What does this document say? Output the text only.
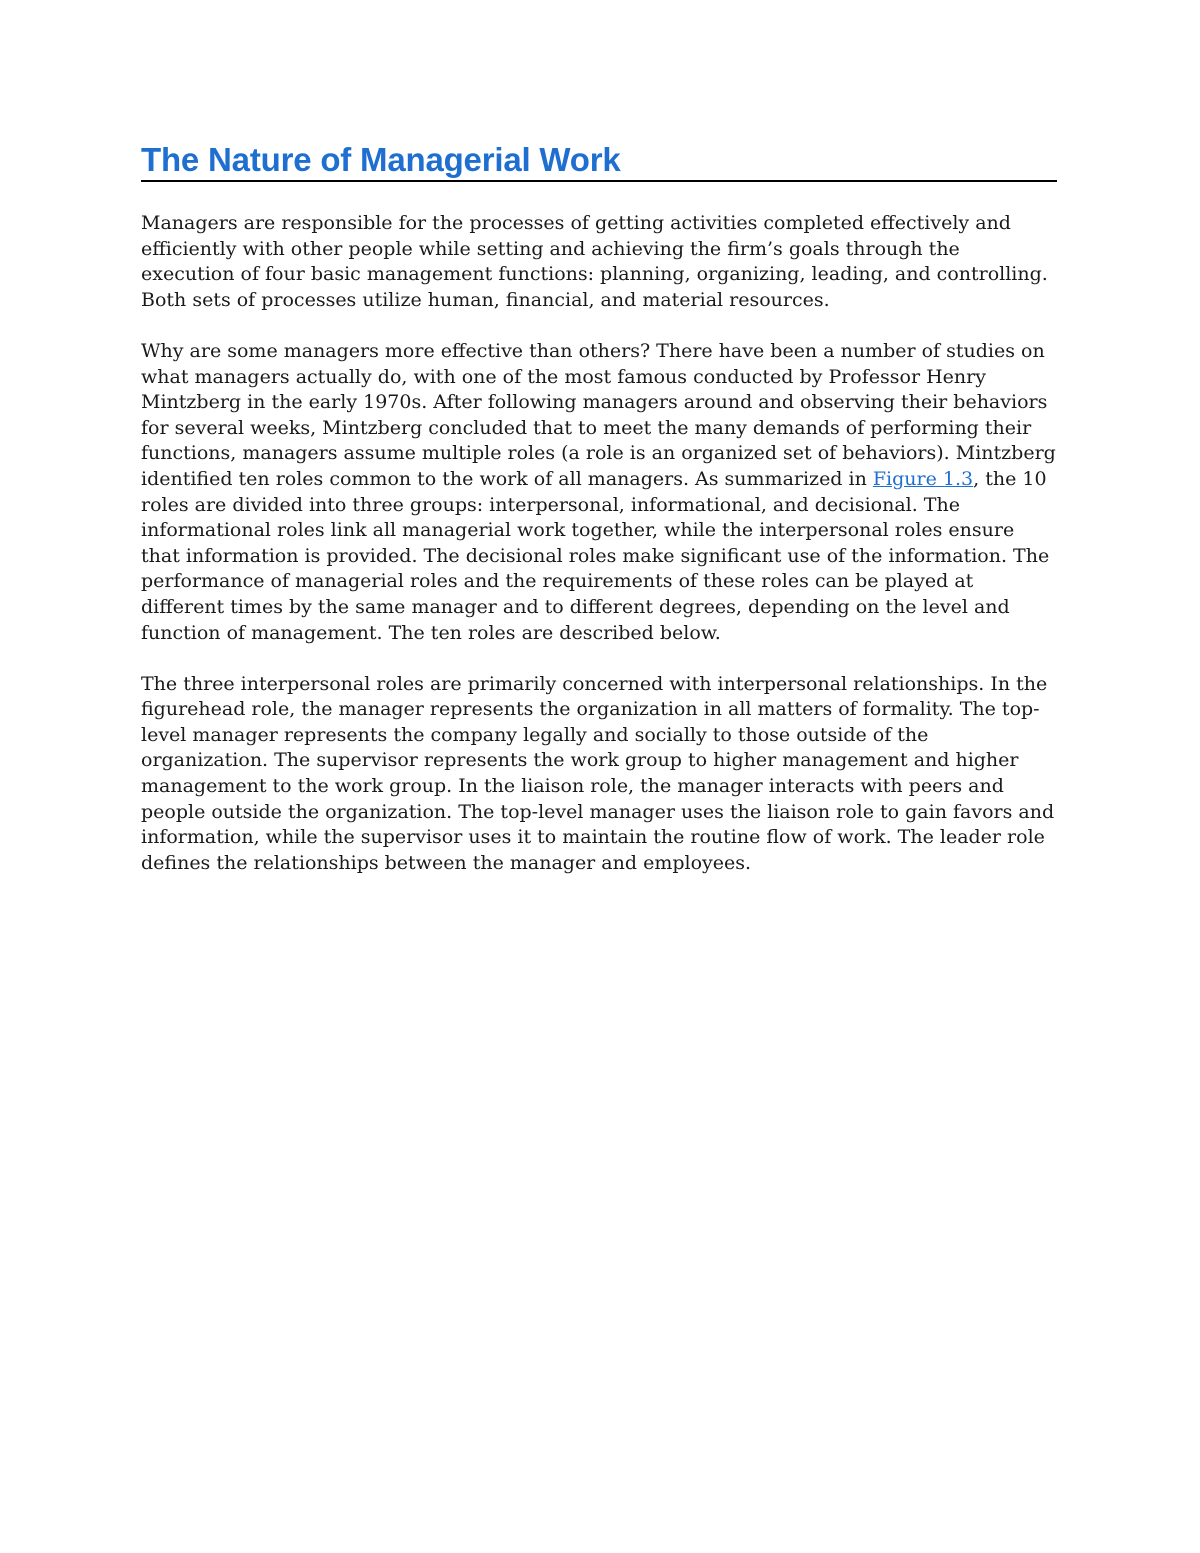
The Nature of Managerial Work

Managers are responsible for the processes of getting activities completed effectively and efficiently with other people while setting and achieving the firm’s goals through the execution of four basic management functions: planning, organizing, leading, and controlling. Both sets of processes utilize human, financial, and material resources.

Why are some managers more effective than others? There have been a number of studies on what managers actually do, with one of the most famous conducted by Professor Henry Mintzberg in the early 1970s. After following managers around and observing their behaviors for several weeks, Mintzberg concluded that to meet the many demands of performing their functions, managers assume multiple roles (a role is an organized set of behaviors). Mintzberg identified ten roles common to the work of all managers. As summarized in Figure 1.3, the 10 roles are divided into three groups: interpersonal, informational, and decisional. The informational roles link all managerial work together, while the interpersonal roles ensure that information is provided. The decisional roles make significant use of the information. The performance of managerial roles and the requirements of these roles can be played at different times by the same manager and to different degrees, depending on the level and function of management. The ten roles are described below.

The three interpersonal roles are primarily concerned with interpersonal relationships. In the figurehead role, the manager represents the organization in all matters of formality. The top-level manager represents the company legally and socially to those outside of the organization. The supervisor represents the work group to higher management and higher management to the work group. In the liaison role, the manager interacts with peers and people outside the organization. The top-level manager uses the liaison role to gain favors and information, while the supervisor uses it to maintain the routine flow of work. The leader role defines the relationships between the manager and employees.
